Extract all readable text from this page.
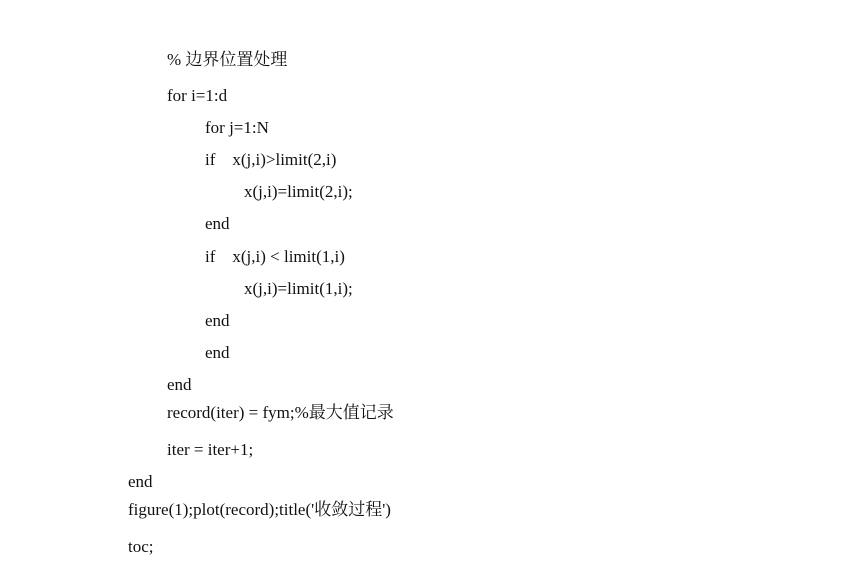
% 边界位置处理

for i=1:d

for j=1:N

if    x(j,i)>limit(2,i)

x(j,i)=limit(2,i);

end

if    x(j,i) < limit(1,i)

x(j,i)=limit(1,i);

end

end

end

record(iter) = fym;%最大值记录

iter = iter+1;

end

figure(1);plot(record);title('收敛过程')

toc;
